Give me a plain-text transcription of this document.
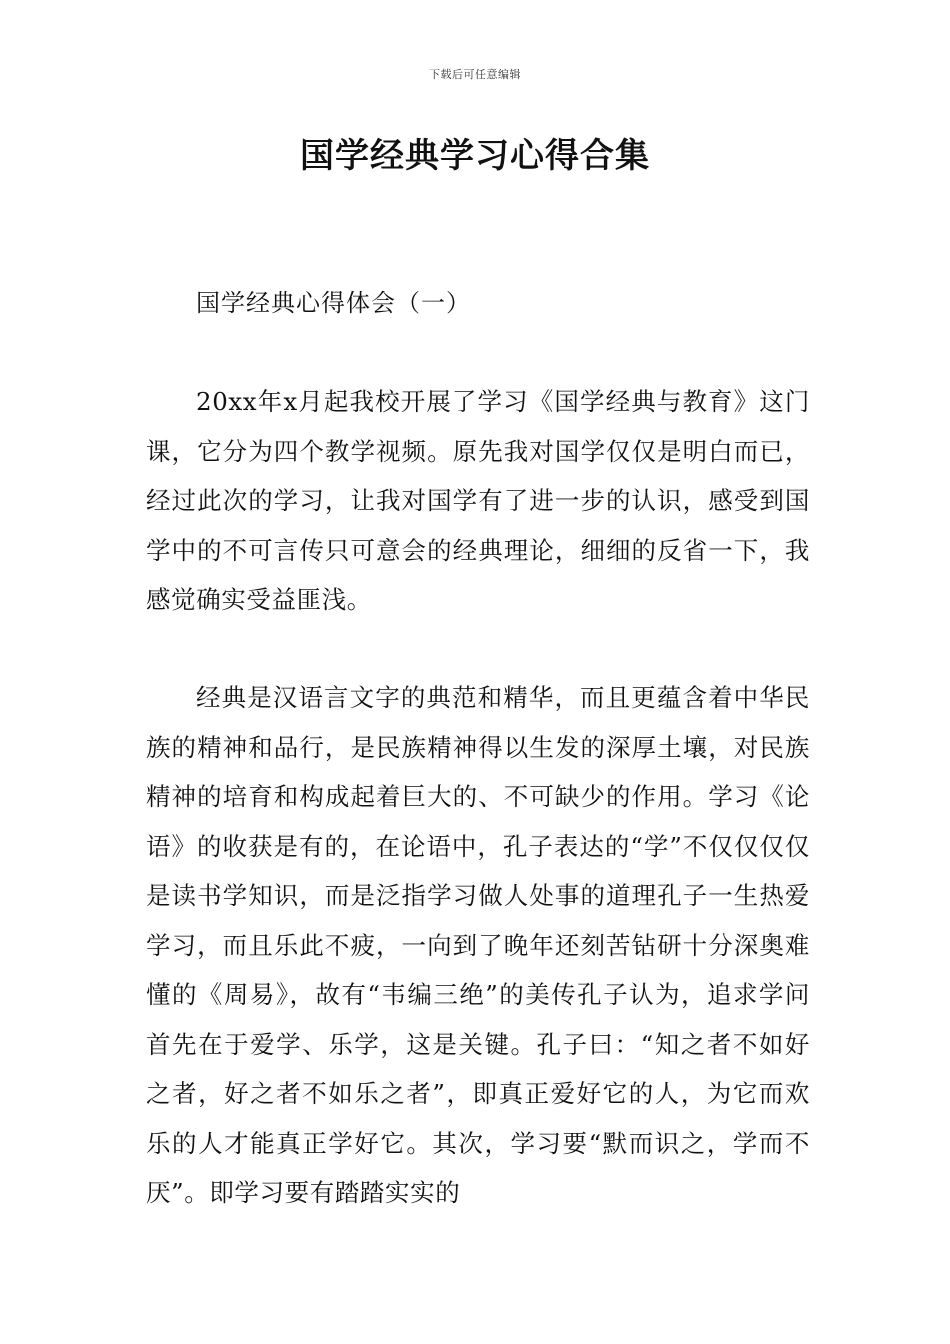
下载后可任意编辑
国学经典学习心得合集
国学经典心得体会（一）

20xx年x月起我校开展了学习《国学经典与教育》这门课，它分为四个教学视频。原先我对国学仅仅是明白而已，经过此次的学习，让我对国学有了进一步的认识，感受到国学中的不可言传只可意会的经典理论，细细的反省一下，我感觉确实受益匪浅。

经典是汉语言文字的典范和精华，而且更蕴含着中华民族的精神和品行，是民族精神得以生发的深厚土壤，对民族精神的培育和构成起着巨大的、不可缺少的作用。学习《论语》的收获是有的，在论语中，孔子表达的“学”不仅仅仅仅是读书学知识，而是泛指学习做人处事的道理孔子一生热爱学习，而且乐此不疲，一向到了晚年还刻苦钻研十分深奥难懂的《周易》，故有“韦编三绝”的美传孔子认为，追求学问首先在于爱学、乐学，这是关键。孔子曰：“知之者不如好之者，好之者不如乐之者”，即真正爱好它的人，为它而欢乐的人才能真正学好它。其次，学习要“默而识之，学而不厌”。即学习要有踏踏实实的
